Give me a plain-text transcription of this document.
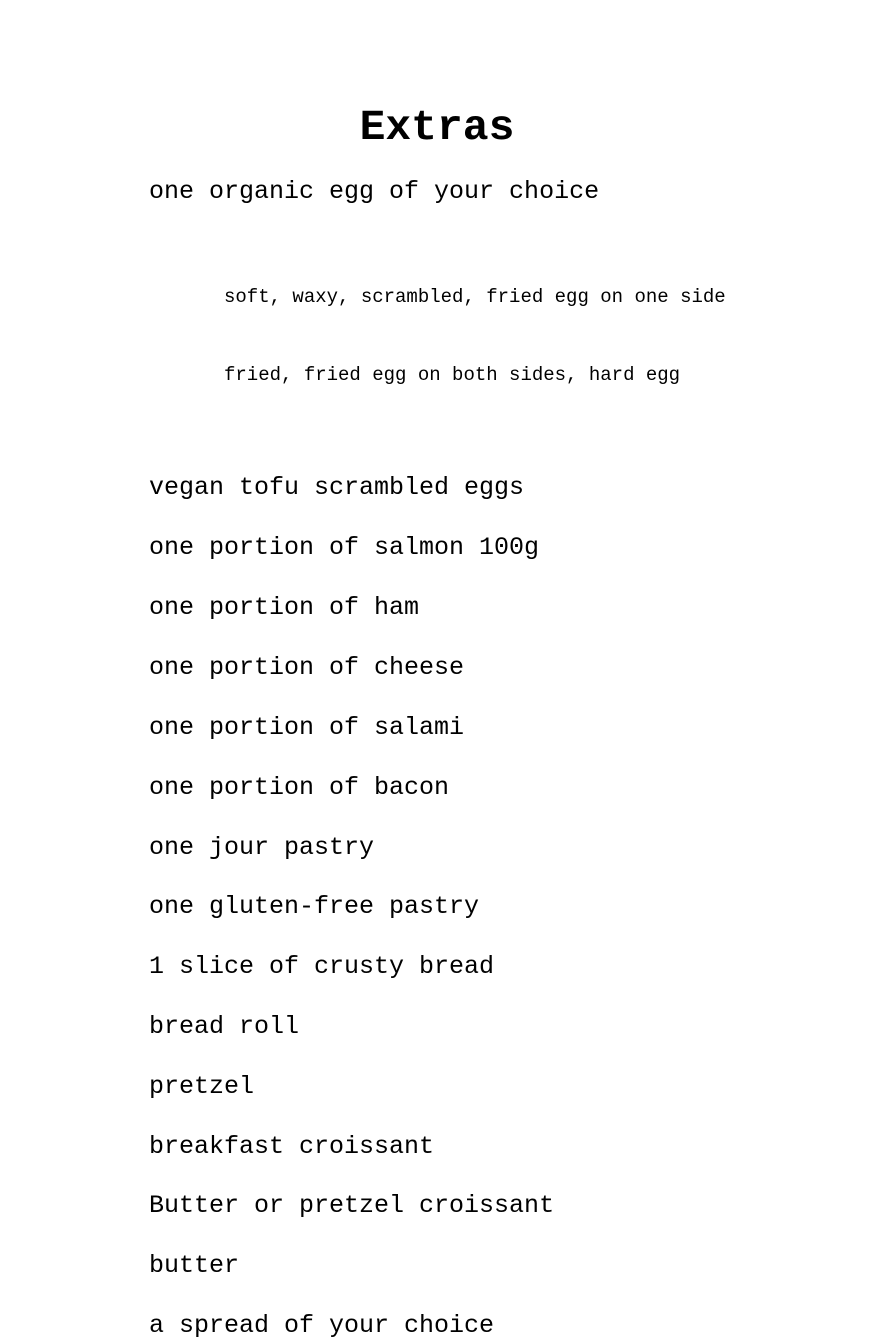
Extras
one organic egg of your choice

soft, waxy, scrambled, fried egg on one side

fried, fried egg on both sides, hard egg

vegan tofu scrambled eggs
one portion of salmon 100g
one portion of ham
one portion of cheese
one portion of salami
one portion of bacon
one jour pastry
one gluten-free pastry
1 slice of crusty bread
bread roll
pretzel
breakfast croissant
Butter or pretzel croissant
butter
a spread of your choice
